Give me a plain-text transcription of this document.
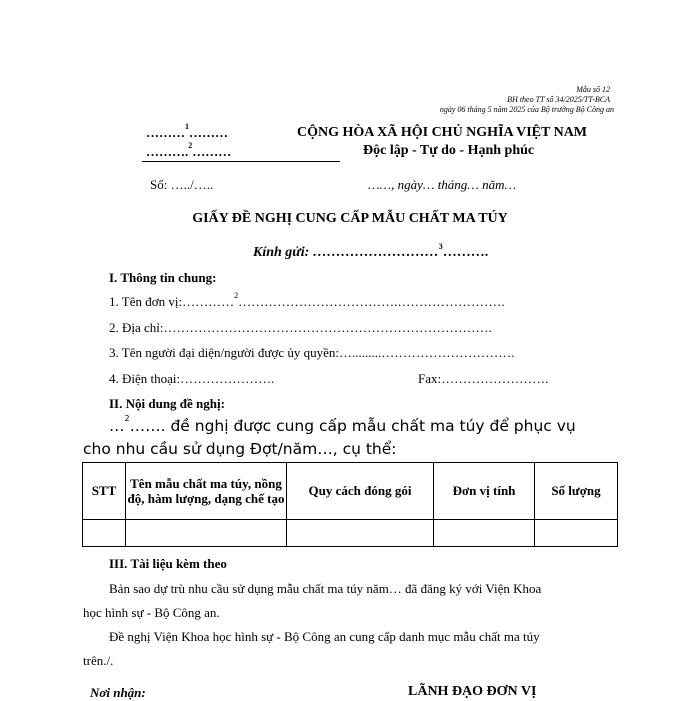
Mẫu số 12
BH theo TT số 34/2025/TT-BCA
ngày 06 tháng 5 năm 2025 của Bộ trưởng Bộ Công an
………$^1$………
……….$^2$………
CỘNG HÒA XÃ HỘI CHỦ NGHĨA VIỆT NAM
Độc lập - Tự do - Hạnh phúc
Số: …../…..	……, ngày… tháng… năm…
GIẤY ĐỀ NGHỊ CUNG CẤP MẪU CHẤT MA TÚY
Kính gửi: ………………………$^3$……….
I. Thông tin chung:
1. Tên đơn vị:…………$^2$……………………………….…………………….
2. Địa chỉ:………………………………………………………………….
3. Tên người đại diện/người được ủy quyền:….........………………………….
4. Điện thoại:………………….	Fax:…………………….
II. Nội dung đề nghị:
…$^2$……. đề nghị được cung cấp mẫu chất ma túy để phục vụ
cho nhu cầu sử dụng Đợt/năm…, cụ thể:
STT	Tên mẫu chất ma túy, nồng độ, hàm lượng, dạng chế tạo	Quy cách đóng gói	Đơn vị tính	Số lượng

III. Tài liệu kèm theo
Bản sao dự trù nhu cầu sử dụng mẫu chất ma túy năm… đã đăng ký với Viện Khoa
học hình sự - Bộ Công an.
Đề nghị Viện Khoa học hình sự - Bộ Công an cung cấp danh mục mẫu chất ma túy
trên./.
Nơi nhận:	LÃNH ĐẠO ĐƠN VỊ
